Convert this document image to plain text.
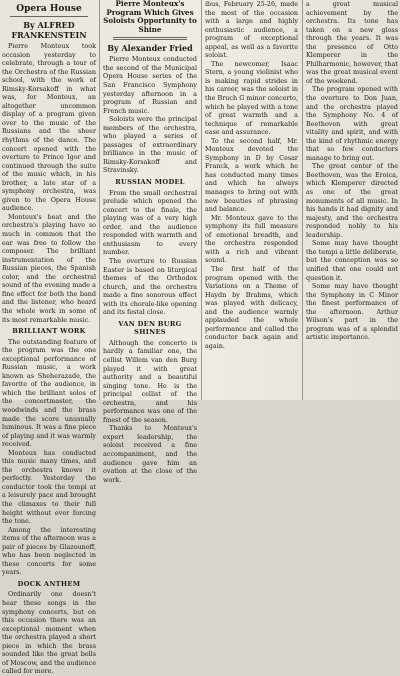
Opera House
By ALFRED FRANKENSTEIN

Pierre Monteux took occasion yesterday to celebrate, through a tour of the Orchestra of the Russian school, with the work of Rimsky-Korsakoff in what was, for Monteux, an altogether uncommon display of a program given over to the music of the Russians and the sheer rhythms of the dance. The concert opened with the overture to Prince Igor and continued through the suite of the music which, in his brother, a late star of a symphony orchestra, was given to the Opera House audience.

Monteux's beat and the orchestra's playing have so much in common that the ear was free to follow the composer. The brilliant instrumentation of the Russian pieces, the Spanish color, and the orchestral sound of the evening made a fine effect for both the band and the listener, who heard the whole work in some of its most remarkable music.

BRILLIANT WORK

The outstanding feature of the program was the one exceptional performance of Russian music, a work known as Sheherazade, the favorite of the audience, in which the brilliant solos of the concertmaster, the woodwinds and the brass made the score unusually luminous. It was a fine piece of playing and it was warmly received.

Monteux has conducted this music many times, and the orchestra knows it perfectly. Yesterday the conductor took the tempi at a leisurely pace and brought the climaxes to their full height without ever forcing the tone.

Among the interesting items of the afternoon was a pair of pieces by Glazounoff, who has been neglected in these concerts for some years.

DOCK ANTHEM

Ordinarily one doesn't hear these songs in the symphony concerts, but on this occasion there was an exceptional moment when the orchestra played a short piece in which the brass sounded like the great bells of Moscow, and the audience called for more.

Pierre Monteux's Program Which Gives Soloists Opportunity to Shine
By Alexander Fried

Pierre Monteux conducted the second of the Municipal Opera House series of the San Francisco Symphony yesterday afternoon in a program of Russian and French music.

Soloists were the principal members of the orchestra, who played a series of passages of extraordinary brilliance in the music of Rimsky-Korsakoff and Stravinsky.

RUSSIAN MODEL

From the small orchestral prelude which opened the concert to the finale, the playing was of a very high order, and the audience responded with warmth and enthusiasm to every number.

The overture to Russian Easter is based on liturgical themes of the Orthodox church, and the orchestra made a fine sonorous effect with its chorale-like opening and its festal close.

VAN DEN BURG SHINES

Although the concerto is hardly a familiar one, the cellist Willem van den Burg played it with great authority and a beautiful singing tone. He is the principal cellist of the orchestra, and his performance was one of the finest of the season.

Thanks to Monteux's expert leadership, the soloist received a fine accompaniment, and the audience gave him an ovation at the close of the work.

ibus, February 25-26, made the most of the occasion with a large and highly enthusiastic audience, a program of exceptional appeal, as well as a favorite soloist.

The newcomer, Isaac Stern, a young violinist who is making rapid strides in his career, was the soloist in the Bruch G minor concerto, which he played with a tone of great warmth and a technique of remarkable ease and assurance.

To the second half, Mr. Monteux devoted the Symphony in D by Cesar Franck, a work which he has conducted many times and which he always manages to bring out with new beauties of phrasing and balance.

Mr. Monteux gave to the symphony its full measure of emotional breadth, and the orchestra responded with a rich and vibrant sound.

The first half of the program opened with the Variations on a Theme of Haydn by Brahms, which was played with delicacy, and the audience warmly applauded the whole performance and called the conductor back again and again.

a great musical achievement by the orchestra. Its tone has taken on a new gloss through the years. It was the presence of Otto Klemperer in the Philharmonic, however, that was the great musical event of the weekend.

The program opened with the overture to Don Juan, and the orchestra played the Symphony No. 4 of Beethoven with great vitality and spirit, and with the kind of rhythmic energy that so few conductors manage to bring out.

The great center of the Beethoven, was the Eroica, which Klemperer directed as one of the great monuments of all music. In his hands it had dignity and majesty, and the orchestra responded nobly to his leadership.

Some may have thought the tempi a little deliberate, but the conception was so unified that one could not question it.

Some may have thought the Symphony in C Minor the finest performance of the afternoon. Arthur Wilson's part in the program was of a splendid artistic importance.
